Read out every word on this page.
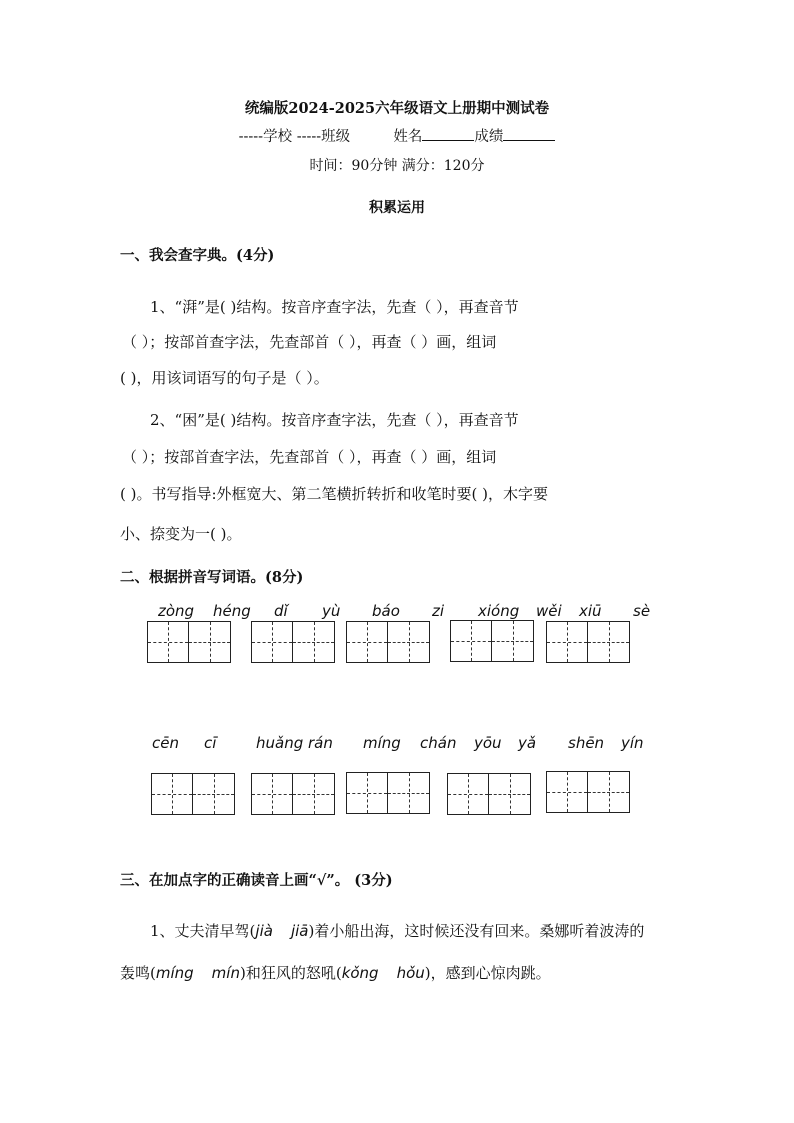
统编版2024-2025六年级语文上册期中测试卷
-----学校 -----班级	姓名	成绩
时间：90分钟 满分：120分
积累运用
一、我会查字典。(4分)
1、“湃”是( )结构。按音序查字法，先查（ ），再查音节
（ ）；按部首查字法，先查部首（ ），再查（ ）画，组词
( )，用该词语写的句子是（ ）。
2、“困”是( )结构。按音序查字法，先查（ ），再查音节
（ ）；按部首查字法，先查部首（ ），再查（ ）画，组词
( )。书写指导:外框宽大、第二笔横折转折和收笔时要( )，木字要
小、捺变为一( )。
二、根据拼音写词语。(8分)
zòng héng dǐ yù báo zi xióng wěi xiū sè
cēn cī	huǎng rán míng chán yōu yǎ shēn yín
三、在加点字的正确读音上画“√”。 (3分)
1、丈夫清早驾(jià jiā)着小船出海，这时候还没有回来。桑娜听着波涛的
轰鸣(míng mín)和狂风的怒吼(kǒng hǒu)，感到心惊肉跳。
